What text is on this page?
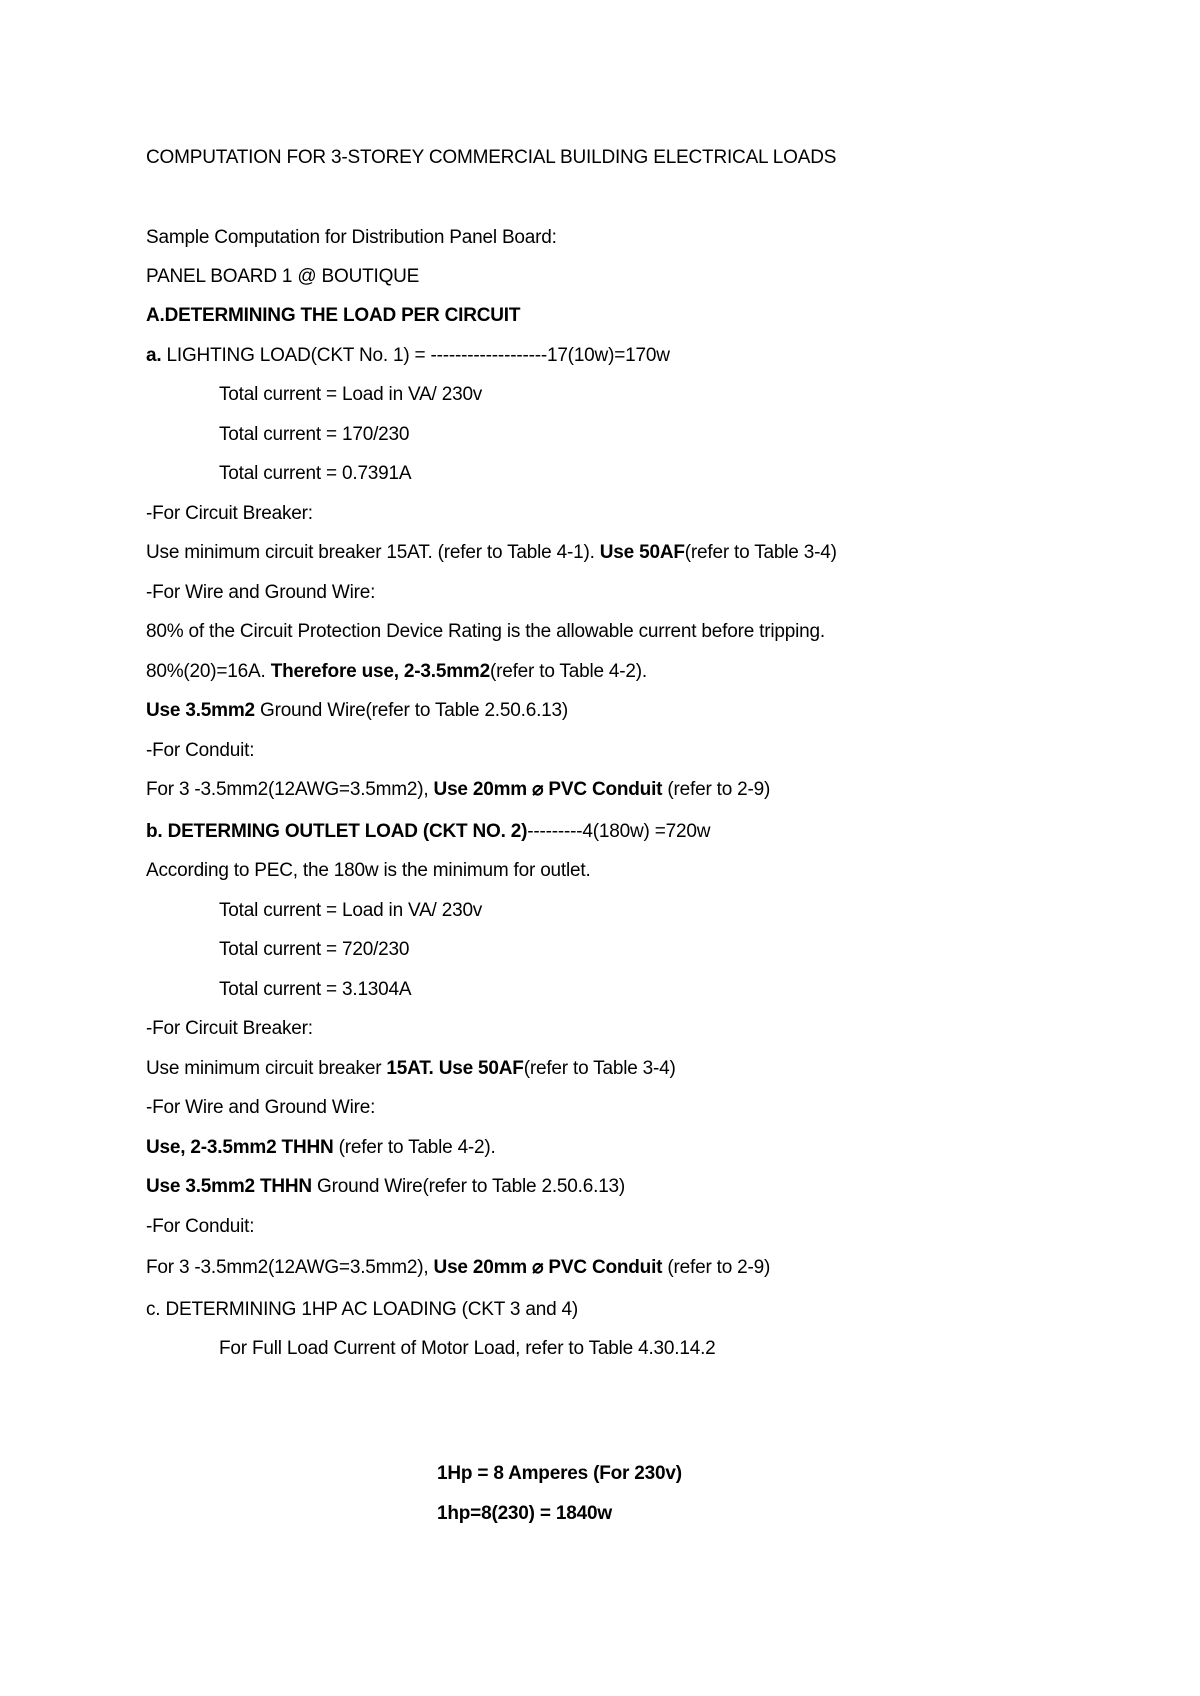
COMPUTATION FOR 3-STOREY COMMERCIAL BUILDING ELECTRICAL LOADS
Sample Computation for Distribution Panel Board:
PANEL BOARD 1 @ BOUTIQUE
A.DETERMINING THE LOAD PER CIRCUIT
a. LIGHTING LOAD(CKT No. 1) = -------------------17(10w)=170w
Total current = Load in VA/ 230v
Total current = 170/230
Total current = 0.7391A
-For Circuit Breaker:
Use minimum circuit breaker 15AT. (refer to Table 4-1). Use 50AF(refer to Table 3-4)
-For Wire and Ground Wire:
80% of the Circuit Protection Device Rating is the allowable current before tripping.
80%(20)=16A. Therefore use, 2-3.5mm2(refer to Table 4-2).
Use 3.5mm2 Ground Wire(refer to Table 2.50.6.13)
-For Conduit:
For 3 -3.5mm2(12AWG=3.5mm2), Use 20mm ⌀ PVC Conduit (refer to 2-9)
b. DETERMING OUTLET LOAD (CKT NO. 2)---------4(180w) =720w
According to PEC, the 180w is the minimum for outlet.
Total current = Load in VA/ 230v
Total current = 720/230
Total current = 3.1304A
-For Circuit Breaker:
Use minimum circuit breaker 15AT. Use 50AF(refer to Table 3-4)
-For Wire and Ground Wire:
Use, 2-3.5mm2 THHN (refer to Table 4-2).
Use 3.5mm2 THHN Ground Wire(refer to Table 2.50.6.13)
-For Conduit:
For 3 -3.5mm2(12AWG=3.5mm2), Use 20mm ⌀ PVC Conduit (refer to 2-9)
c. DETERMINING 1HP AC LOADING (CKT 3 and 4)
For Full Load Current of Motor Load, refer to Table 4.30.14.2
1Hp = 8 Amperes (For 230v)
1hp=8(230) = 1840w
